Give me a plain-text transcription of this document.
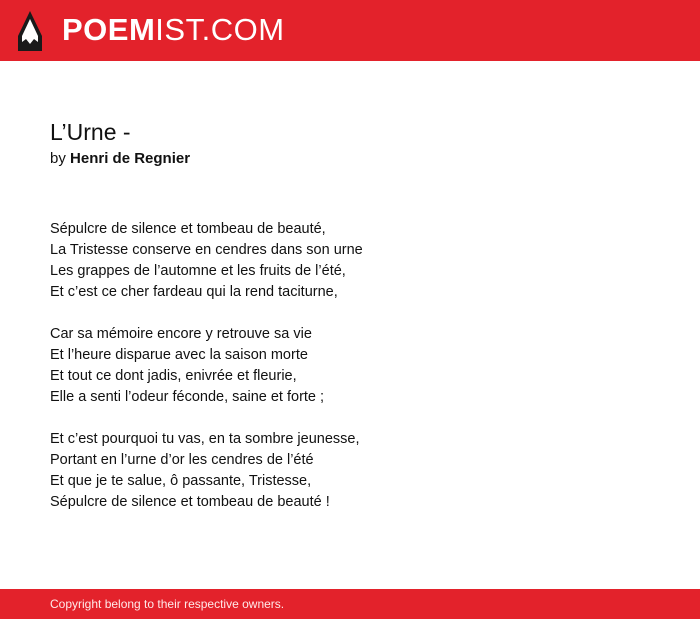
POEMIST.COM
L’Urne -
by Henri de Regnier
Sépulcre de silence et tombeau de beauté,
La Tristesse conserve en cendres dans son urne
Les grappes de l’automne et les fruits de l’été,
Et c’est ce cher fardeau qui la rend taciturne,
Car sa mémoire encore y retrouve sa vie
Et l’heure disparue avec la saison morte
Et tout ce dont jadis, enivrée et fleurie,
Elle a senti l’odeur féconde, saine et forte ;
Et c’est pourquoi tu vas, en ta sombre jeunesse,
Portant en l’urne d’or les cendres de l’été
Et que je te salue, ô passante, Tristesse,
Sépulcre de silence et tombeau de beauté !
Copyright belong to their respective owners.
